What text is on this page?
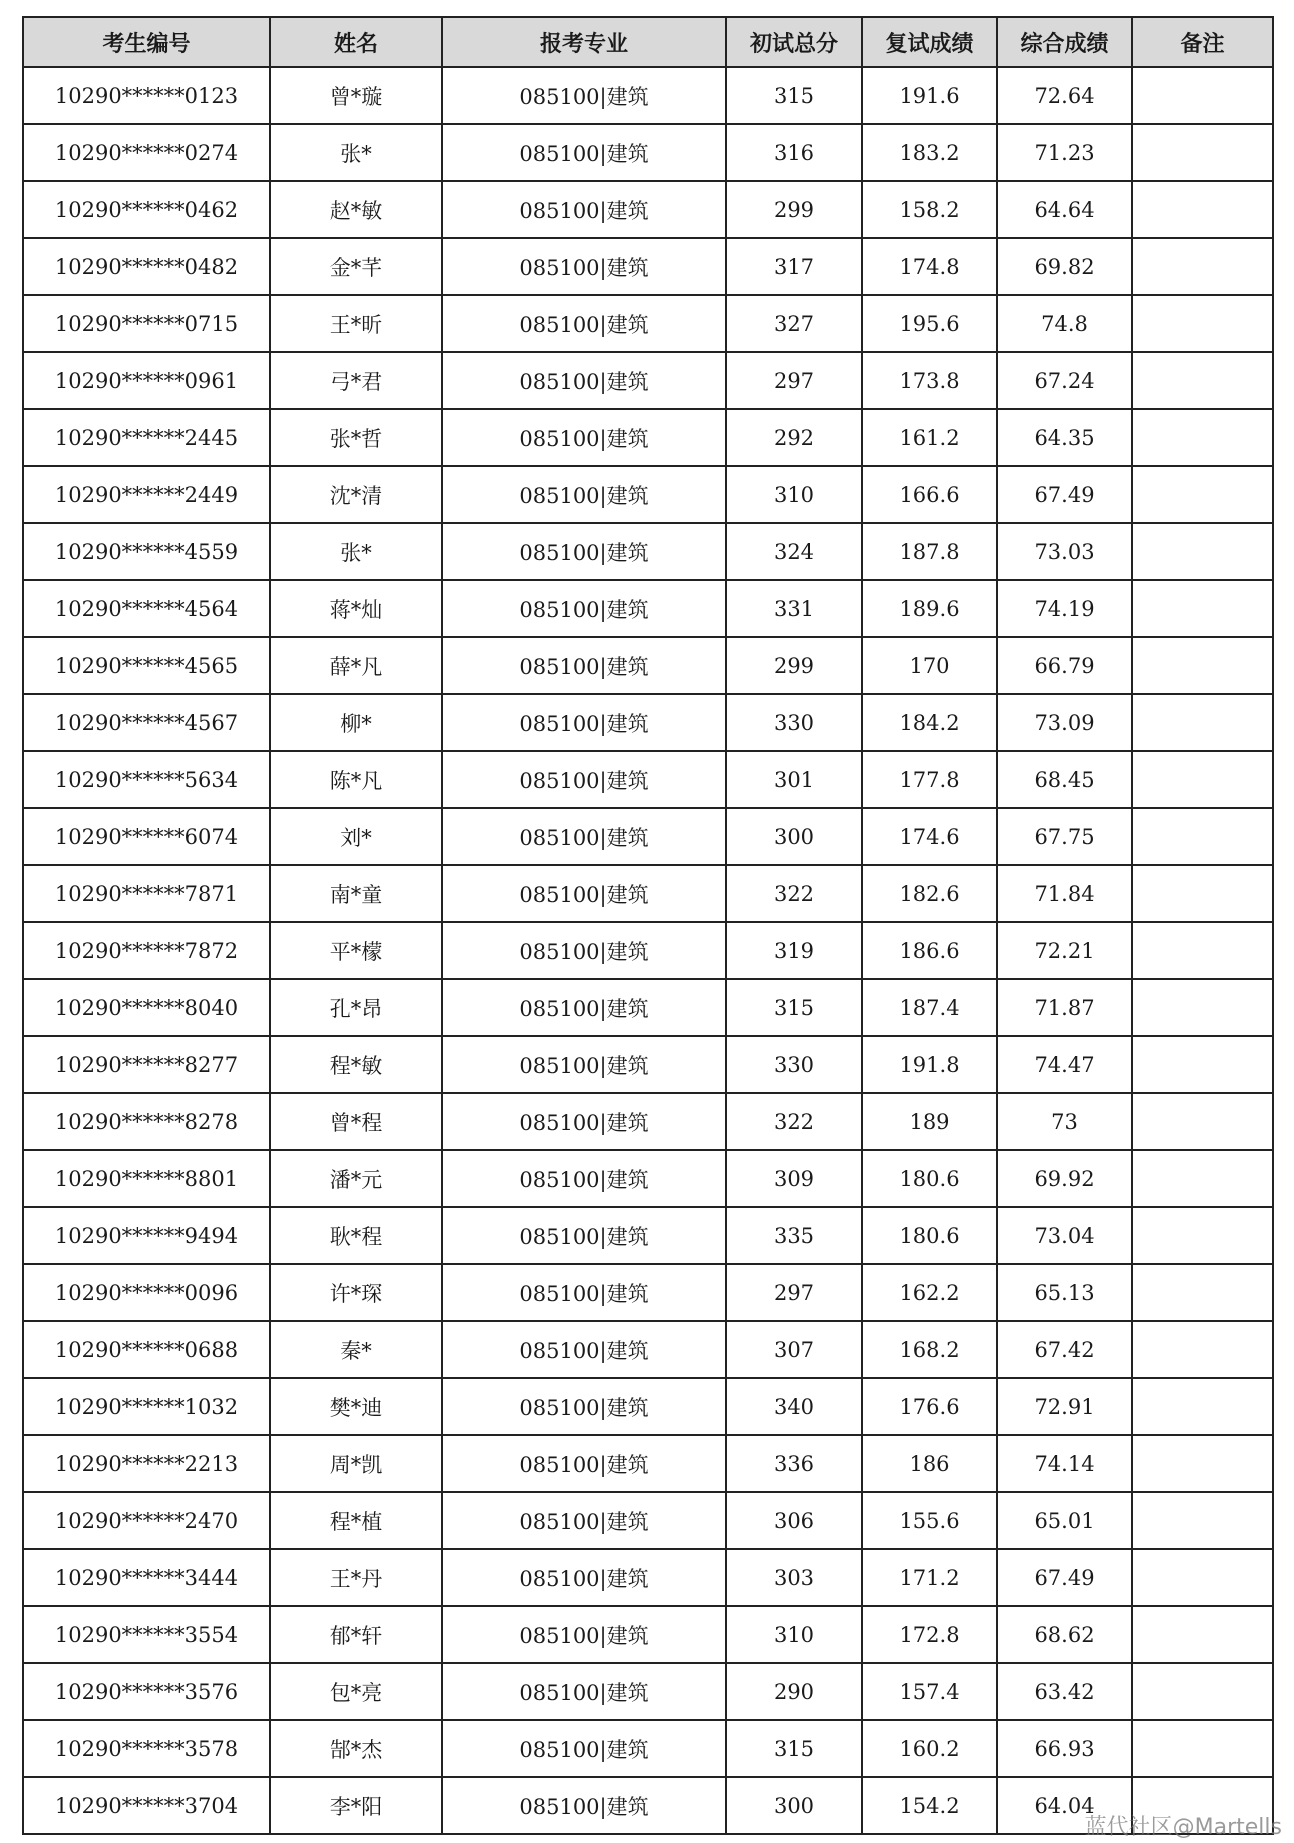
考生编号	姓名	报考专业	初试总分	复试成绩	综合成绩	备注
10290******0123	曾*璇	085100|建筑	315	191.6	72.64	
10290******0274	张*	085100|建筑	316	183.2	71.23	
10290******0462	赵*敏	085100|建筑	299	158.2	64.64	
10290******0482	金*芊	085100|建筑	317	174.8	69.82	
10290******0715	王*昕	085100|建筑	327	195.6	74.8	
10290******0961	弓*君	085100|建筑	297	173.8	67.24	
10290******2445	张*哲	085100|建筑	292	161.2	64.35	
10290******2449	沈*清	085100|建筑	310	166.6	67.49	
10290******4559	张*	085100|建筑	324	187.8	73.03	
10290******4564	蒋*灿	085100|建筑	331	189.6	74.19	
10290******4565	薛*凡	085100|建筑	299	170	66.79	
10290******4567	柳*	085100|建筑	330	184.2	73.09	
10290******5634	陈*凡	085100|建筑	301	177.8	68.45	
10290******6074	刘*	085100|建筑	300	174.6	67.75	
10290******7871	南*童	085100|建筑	322	182.6	71.84	
10290******7872	平*檬	085100|建筑	319	186.6	72.21	
10290******8040	孔*昂	085100|建筑	315	187.4	71.87	
10290******8277	程*敏	085100|建筑	330	191.8	74.47	
10290******8278	曾*程	085100|建筑	322	189	73	
10290******8801	潘*元	085100|建筑	309	180.6	69.92	
10290******9494	耿*程	085100|建筑	335	180.6	73.04	
10290******0096	许*琛	085100|建筑	297	162.2	65.13	
10290******0688	秦*	085100|建筑	307	168.2	67.42	
10290******1032	樊*迪	085100|建筑	340	176.6	72.91	
10290******2213	周*凯	085100|建筑	336	186	74.14	
10290******2470	程*植	085100|建筑	306	155.6	65.01	
10290******3444	王*丹	085100|建筑	303	171.2	67.49	
10290******3554	郁*轩	085100|建筑	310	172.8	68.62	
10290******3576	包*亮	085100|建筑	290	157.4	63.42	
10290******3578	郜*杰	085100|建筑	315	160.2	66.93	
10290******3704	李*阳	085100|建筑	300	154.2	64.04	
蓝代社区@Martells
